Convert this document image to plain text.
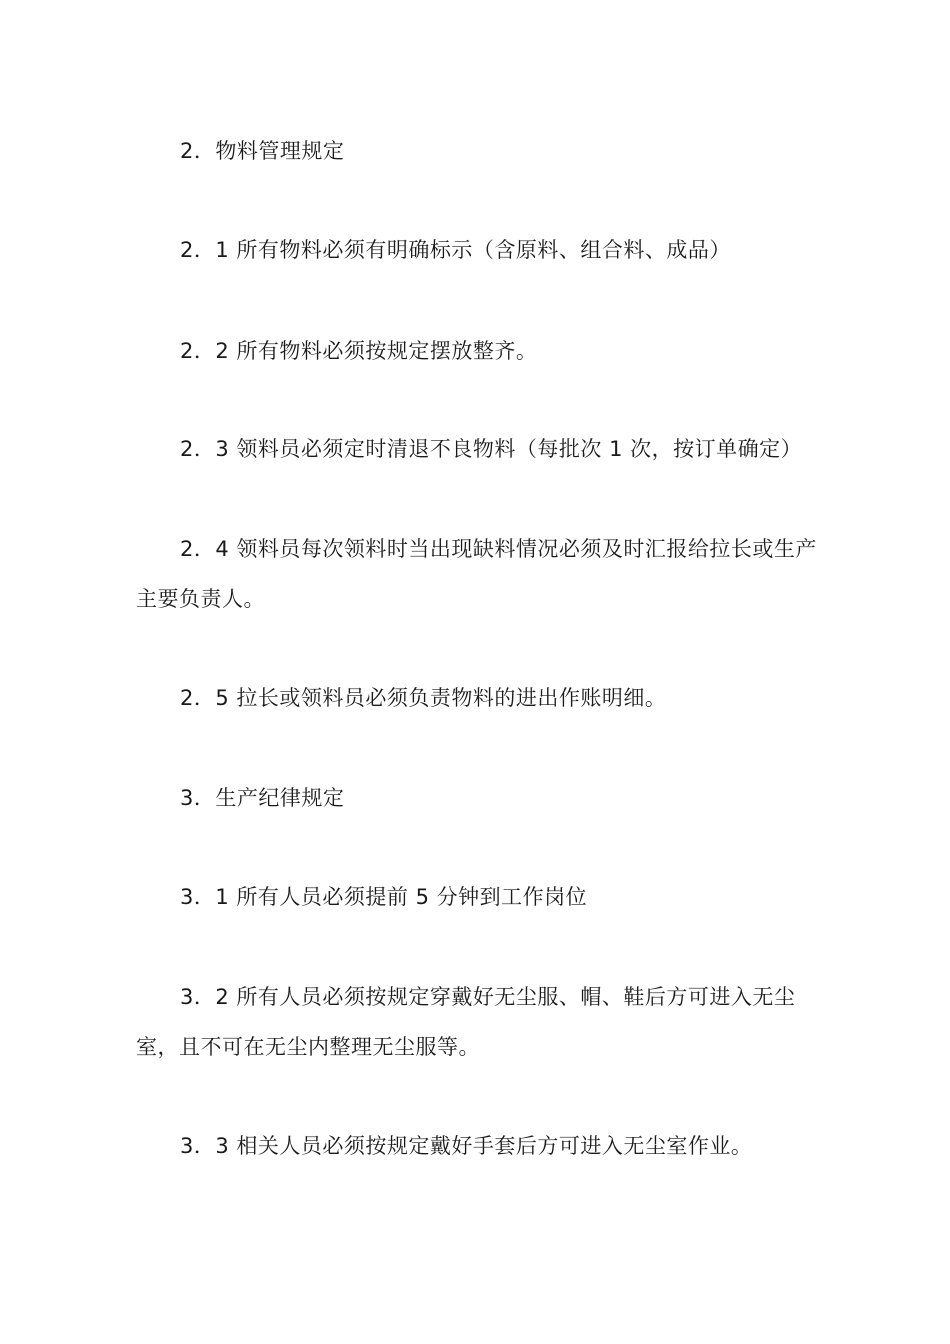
2．物料管理规定

2．1 所有物料必须有明确标示（含原料、组合料、成品）

2．2 所有物料必须按规定摆放整齐。

2．3 领料员必须定时清退不良物料（每批次 1 次，按订单确定）

2．4 领料员每次领料时当出现缺料情况必须及时汇报给拉长或生产主要负责人。

2．5 拉长或领料员必须负责物料的进出作账明细。

3．生产纪律规定

3．1 所有人员必须提前 5 分钟到工作岗位

3．2 所有人员必须按规定穿戴好无尘服、帽、鞋后方可进入无尘室，且不可在无尘内整理无尘服等。

3．3 相关人员必须按规定戴好手套后方可进入无尘室作业。
